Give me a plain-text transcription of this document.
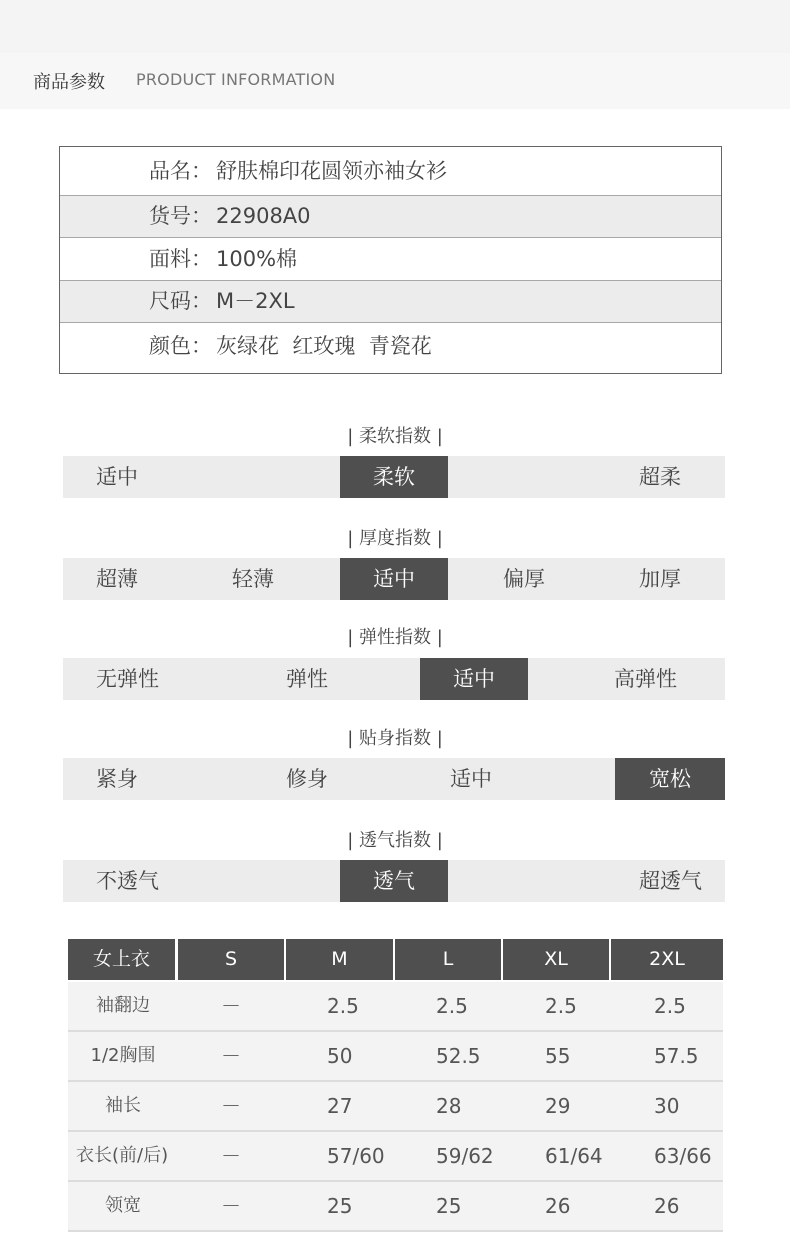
商品参数 PRODUCT INFORMATION
品名： 舒肤棉印花圆领亦袖女衫
货号： 22908A0
面料： 100%棉
尺码： M－2XL
颜色： 灰绿花  红玫瑰  青瓷花
| 柔软指数 |
适中	柔软	超柔
| 厚度指数 |
超薄	轻薄	适中	偏厚	加厚
| 弹性指数 |
无弹性	弹性	适中	高弹性
| 贴身指数 |
紧身	修身	适中	宽松
| 透气指数 |
不透气	透气	超透气
女上衣	S	M	L	XL	2XL
袖翻边	－	2.5	2.5	2.5	2.5
1/2胸围	－	50	52.5	55	57.5
袖长	－	27	28	29	30
衣长(前/后)	－	57/60	59/62	61/64	63/66
领宽	－	25	25	26	26
